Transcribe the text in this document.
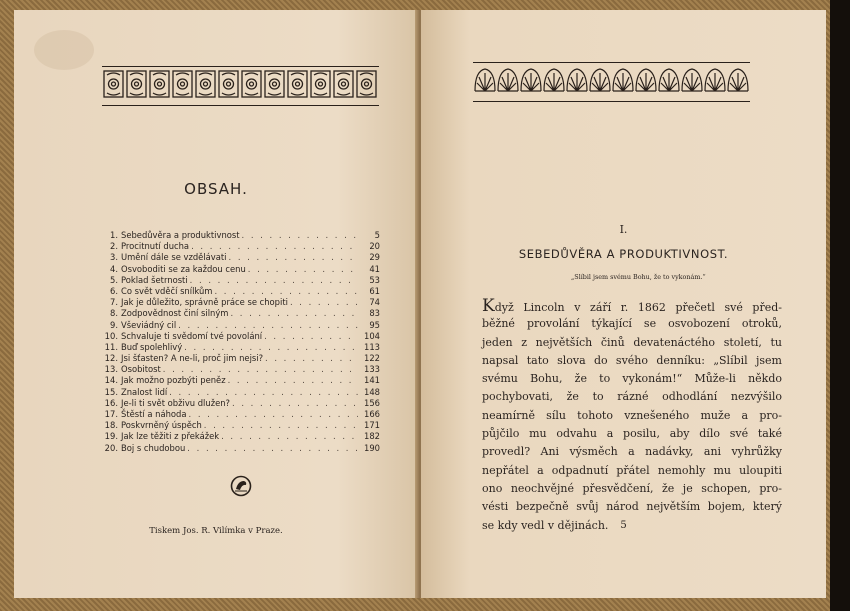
OBSAH.
1. Sebedůvěra a produktivnost . . .	5
2. Procitnutí ducha . . .	20
3. Umění dále se vzdělávati . . .	29
4. Osvoboditi se za každou cenu . . .	41
5. Poklad šetrnosti . . .	53
6. Co svět vděčí snílkům . . .	61
7. Jak je důležito, správně práce se chopiti . . .	74
8. Zodpovědnost činí silným . . .	83
9. Vševiádný cil . . .	95
10. Schvaluje ti svědomí tvé povolání . . .	104
11. Buď spolehlivý . . .	113
12. Jsi šťasten? A ne-li, proč jim nejsi? . . .	122
13. Osobitost . . .	133
14. Jak možno pozbýti peněz . . .	141
15. Znalost lidí . . .	148
16. Je-li ti svět obživu dlužen? . . .	156
17. Štěstí a náhoda . . .	166
18. Poskvrněný úspěch . . .	171
19. Jak lze těžiti z překážek . . .	182
20. Boj s chudobou . . .	190
Tiskem Jos. R. Vilímka v Praze.
I.
SEBEDŮVĚRA A PRODUKTIVNOST.
„Slíbil jsem svému Bohu, že to vykonám.“
Když Lincoln v září r. 1862 přečetl své před-
běžné provolání týkající se osvobození otroků,
jeden z největších činů devatenáctého století, tu
napsal tato slova do svého denníku: „Slíbil jsem
svému Bohu, že to vykonám!“ Může-li někdo
pochybovati, že to rázné odhodlání nezvýšilo
neamírně sílu tohoto vznešeného muže a pro-
půjčilo mu odvahu a posilu, aby dílo své také
provedl? Ani výsměch a nadávky, ani vyhrůžky
nepřátel a odpadnutí přátel nemohly mu uloupiti
ono neochvějné přesvědčení, že je schopen, pro-
vésti bezpečně svůj národ největším bojem, který
se kdy vedl v dějinách.	5
